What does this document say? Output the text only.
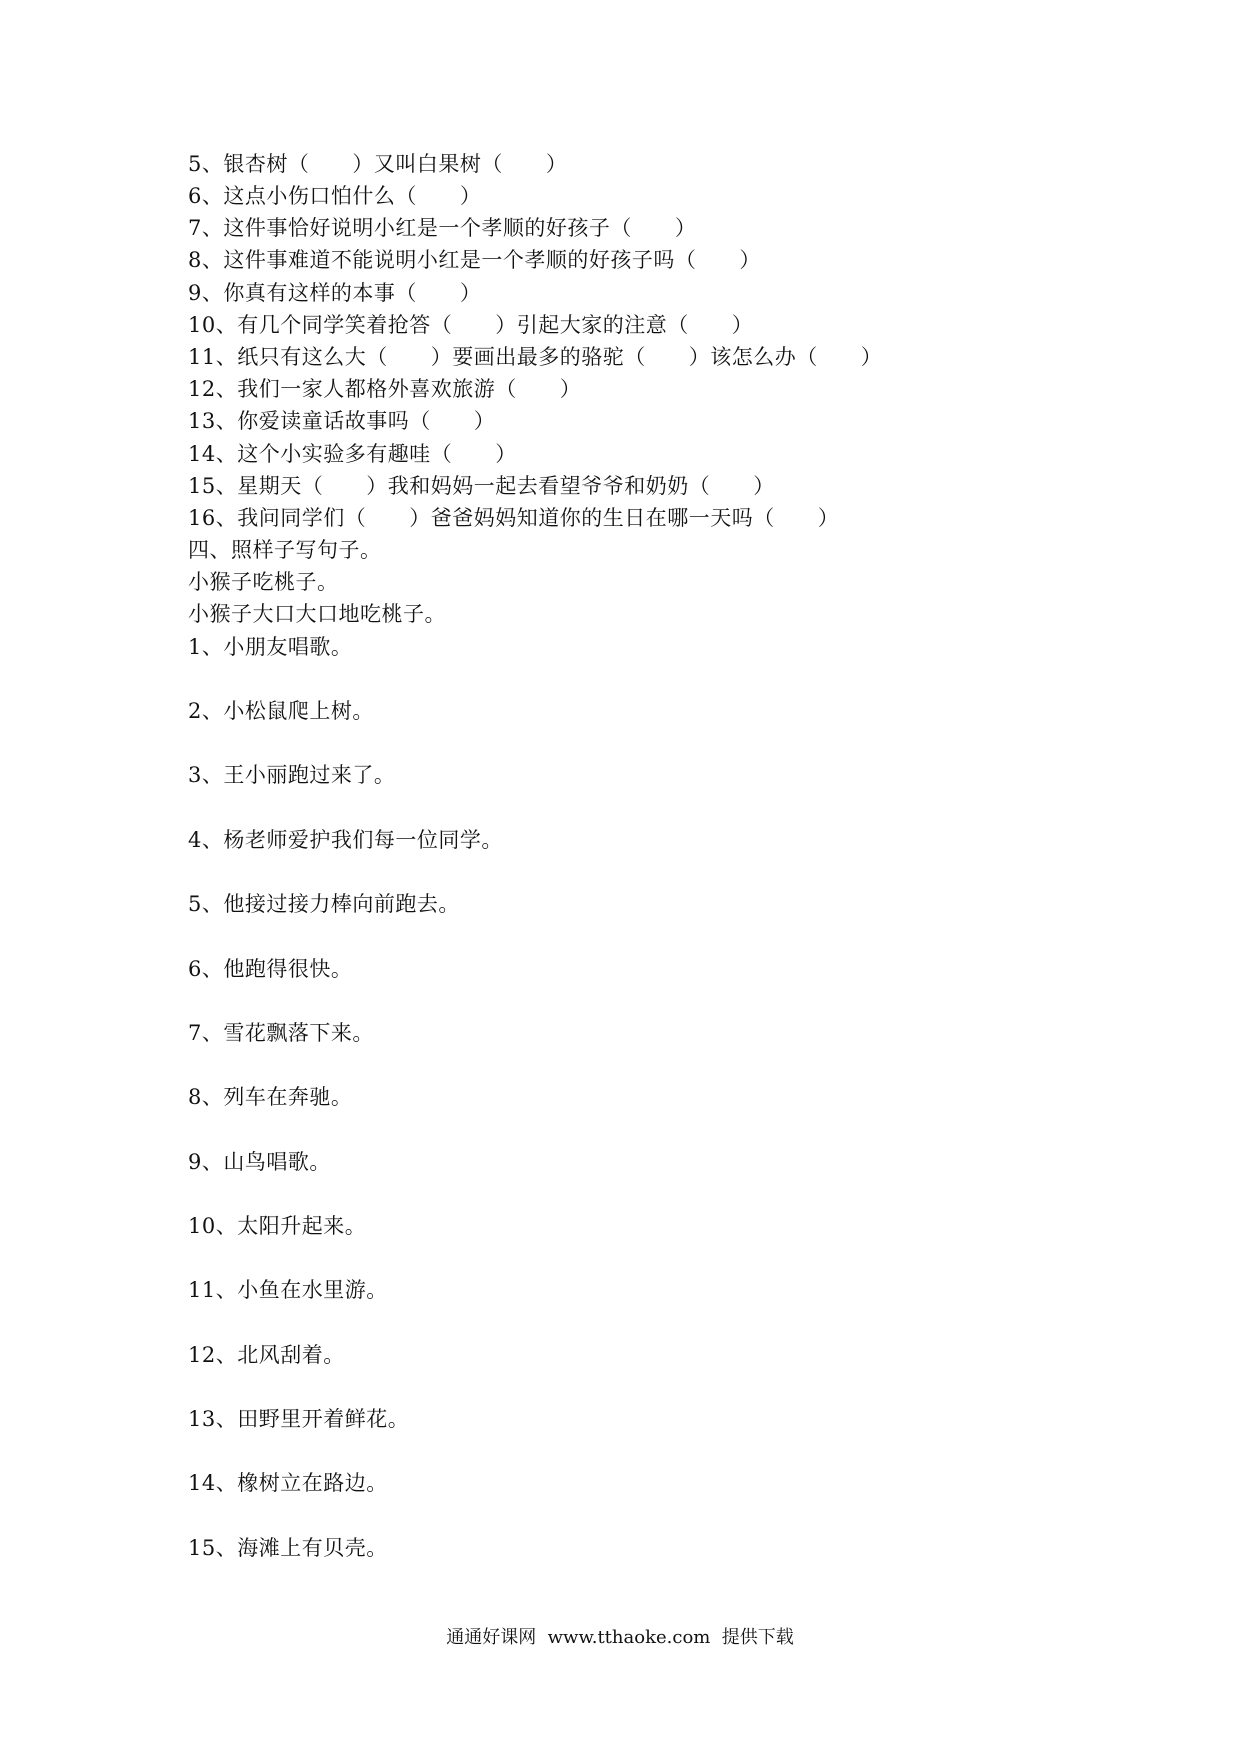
5、银杏树（　　）又叫白果树（　　）
6、这点小伤口怕什么（　　）
7、这件事恰好说明小红是一个孝顺的好孩子（　　）
8、这件事难道不能说明小红是一个孝顺的好孩子吗（　　）
9、你真有这样的本事（　　）
10、有几个同学笑着抢答（　　）引起大家的注意（　　）
11、纸只有这么大（　　）要画出最多的骆驼（　　）该怎么办（　　）
12、我们一家人都格外喜欢旅游（　　）
13、你爱读童话故事吗（　　）
14、这个小实验多有趣哇（　　）
15、星期天（　　）我和妈妈一起去看望爷爷和奶奶（　　）
16、我问同学们（　　）爸爸妈妈知道你的生日在哪一天吗（　　）
四、照样子写句子。
小猴子吃桃子。
小猴子大口大口地吃桃子。
1、小朋友唱歌。
2、小松鼠爬上树。
3、王小丽跑过来了。
4、杨老师爱护我们每一位同学。
5、他接过接力棒向前跑去。
6、他跑得很快。
7、雪花飘落下来。
8、列车在奔驰。
9、山鸟唱歌。
10、太阳升起来。
11、小鱼在水里游。
12、北风刮着。
13、田野里开着鲜花。
14、橡树立在路边。
15、海滩上有贝壳。
通通好课网  www.tthaoke.com  提供下载
